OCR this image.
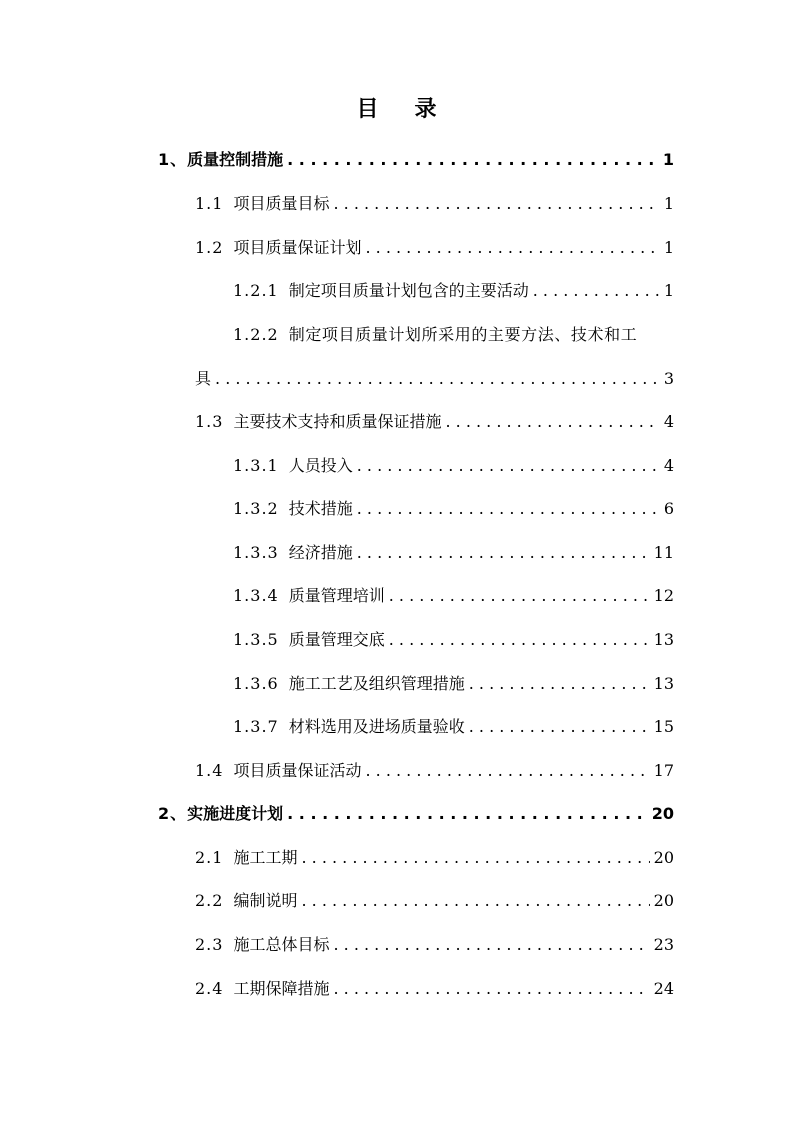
目 录
1、 质量控制措施 . . .	1
1.1 项目质量目标 . . .	1
1.2 项目质量保证计划 . . .	1
1.2.1 制定项目质量计划包含的主要活动 . . .	1
1.2.2 制定项目质量计划所采用的主要方法、技术和工
具 . . .	3
1.3 主要技术支持和质量保证措施 . . .	4
1.3.1 人员投入 . . .	4
1.3.2 技术措施 . . .	6
1.3.3 经济措施 . . .	11
1.3.4 质量管理培训 . . .	12
1.3.5 质量管理交底 . . .	13
1.3.6 施工工艺及组织管理措施 . . .	13
1.3.7 材料选用及进场质量验收 . . .	15
1.4 项目质量保证活动 . . .	17
2、 实施进度计划 . . .	20
2.1 施工工期 . . .	20
2.2 编制说明 . . .	20
2.3 施工总体目标 . . .	23
2.4 工期保障措施 . . .	24
